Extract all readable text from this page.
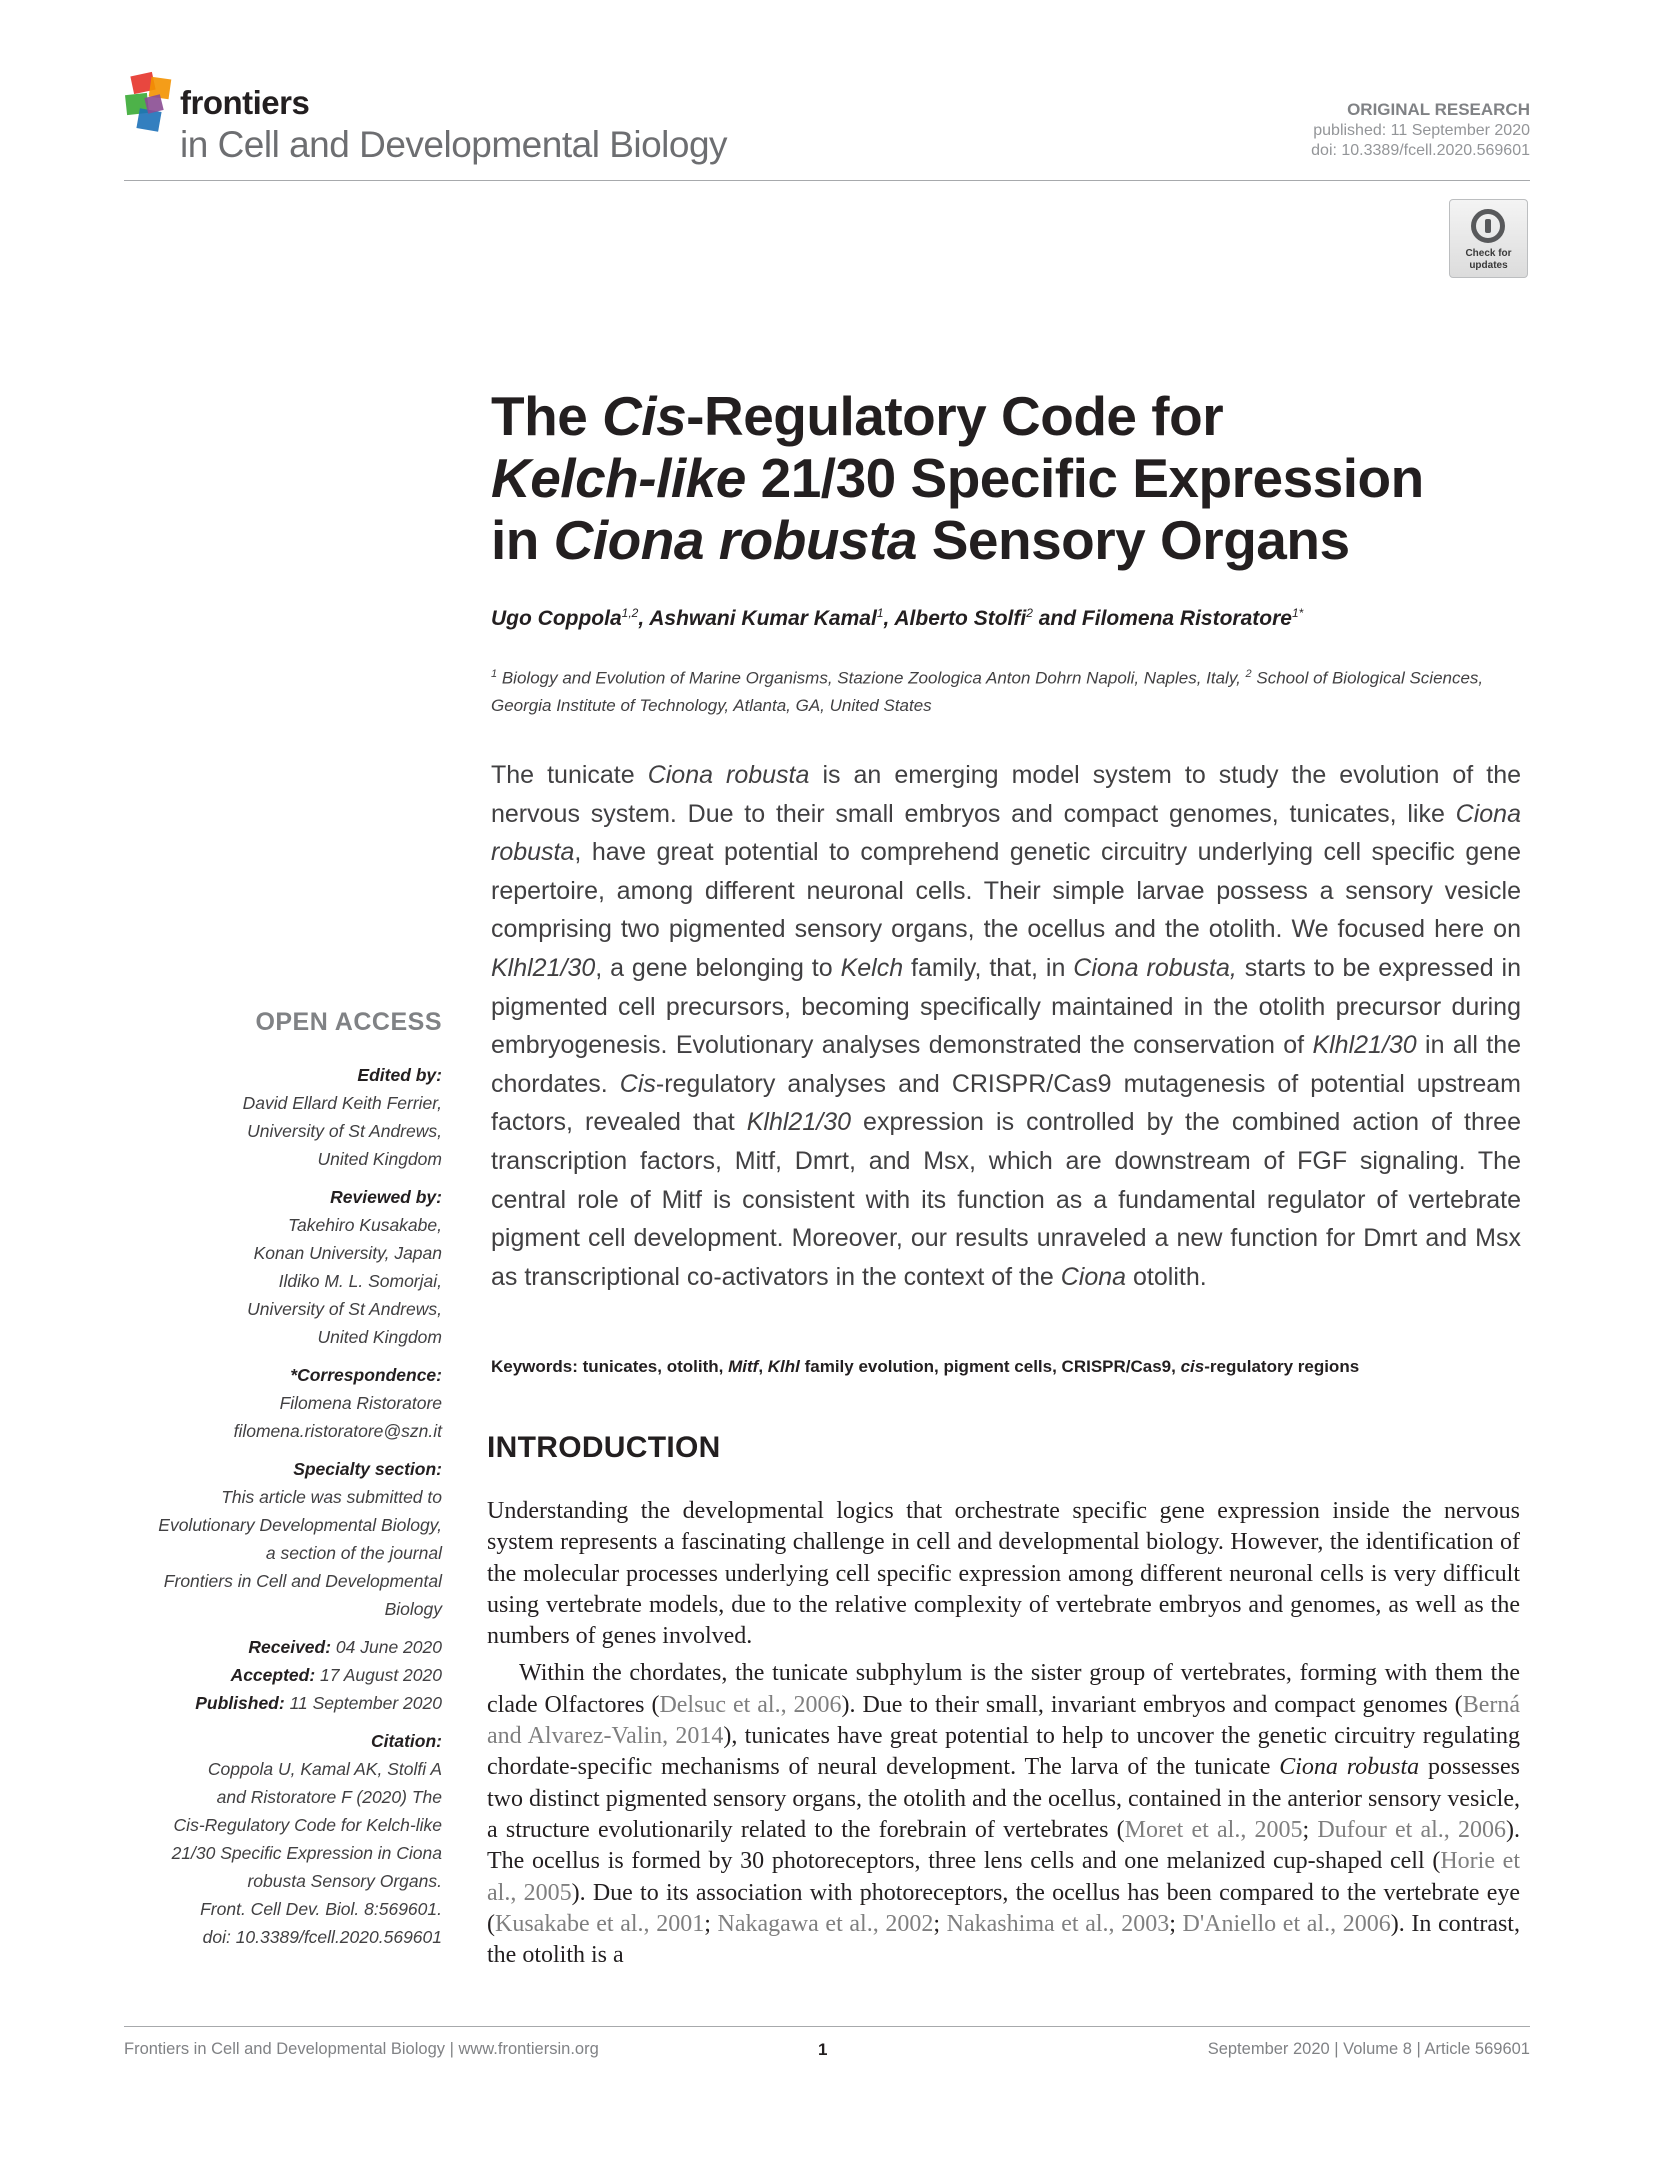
frontiers
in Cell and Developmental Biology
ORIGINAL RESEARCH
published: 11 September 2020
doi: 10.3389/fcell.2020.569601
Check for updates
The Cis-Regulatory Code for
Kelch-like 21/30 Specific Expression
in Ciona robusta Sensory Organs
Ugo Coppola$^{1,2}$, Ashwani Kumar Kamal$^1$, Alberto Stolfi$^2$ and Filomena Ristoratore$^{1*}$
$^1$ Biology and Evolution of Marine Organisms, Stazione Zoologica Anton Dohrn Napoli, Naples, Italy, $^2$ School of Biological Sciences, Georgia Institute of Technology, Atlanta, GA, United States

The tunicate Ciona robusta is an emerging model system to study the evolution of the nervous system. Due to their small embryos and compact genomes, tunicates, like Ciona robusta, have great potential to comprehend genetic circuitry underlying cell specific gene repertoire, among different neuronal cells. Their simple larvae possess a sensory vesicle comprising two pigmented sensory organs, the ocellus and the otolith. We focused here on Klhl21/30, a gene belonging to Kelch family, that, in Ciona robusta, starts to be expressed in pigmented cell precursors, becoming specifically maintained in the otolith precursor during embryogenesis. Evolutionary analyses demonstrated the conservation of Klhl21/30 in all the chordates. Cis-regulatory analyses and CRISPR/Cas9 mutagenesis of potential upstream factors, revealed that Klhl21/30 expression is controlled by the combined action of three transcription factors, Mitf, Dmrt, and Msx, which are downstream of FGF signaling. The central role of Mitf is consistent with its function as a fundamental regulator of vertebrate pigment cell development. Moreover, our results unraveled a new function for Dmrt and Msx as transcriptional co-activators in the context of the Ciona otolith.

Keywords: tunicates, otolith, Mitf, Klhl family evolution, pigment cells, CRISPR/Cas9, cis-regulatory regions
OPEN ACCESS
Edited by:
David Ellard Keith Ferrier,
University of St Andrews,
United Kingdom
Reviewed by:
Takehiro Kusakabe,
Konan University, Japan
Ildiko M. L. Somorjai,
University of St Andrews,
United Kingdom
*Correspondence:
Filomena Ristoratore
filomena.ristoratore@szn.it
Specialty section:
This article was submitted to
Evolutionary Developmental Biology,
a section of the journal
Frontiers in Cell and Developmental
Biology
Received: 04 June 2020
Accepted: 17 August 2020
Published: 11 September 2020
Citation:
Coppola U, Kamal AK, Stolfi A
and Ristoratore F (2020) The
Cis-Regulatory Code for Kelch-like
21/30 Specific Expression in Ciona
robusta Sensory Organs.
Front. Cell Dev. Biol. 8:569601.
doi: 10.3389/fcell.2020.569601
INTRODUCTION

Understanding the developmental logics that orchestrate specific gene expression inside the nervous system represents a fascinating challenge in cell and developmental biology. However, the identification of the molecular processes underlying cell specific expression among different neuronal cells is very difficult using vertebrate models, due to the relative complexity of vertebrate embryos and genomes, as well as the numbers of genes involved.

Within the chordates, the tunicate subphylum is the sister group of vertebrates, forming with them the clade Olfactores (Delsuc et al., 2006). Due to their small, invariant embryos and compact genomes (Berná and Alvarez-Valin, 2014), tunicates have great potential to help to uncover the genetic circuitry regulating chordate-specific mechanisms of neural development. The larva of the tunicate Ciona robusta possesses two distinct pigmented sensory organs, the otolith and the ocellus, contained in the anterior sensory vesicle, a structure evolutionarily related to the forebrain of vertebrates (Moret et al., 2005; Dufour et al., 2006). The ocellus is formed by 30 photoreceptors, three lens cells and one melanized cup-shaped cell (Horie et al., 2005). Due to its association with photoreceptors, the ocellus has been compared to the vertebrate eye (Kusakabe et al., 2001; Nakagawa et al., 2002; Nakashima et al., 2003; D'Aniello et al., 2006). In contrast, the otolith is a

Frontiers in Cell and Developmental Biology | www.frontiersin.org	1	September 2020 | Volume 8 | Article 569601
